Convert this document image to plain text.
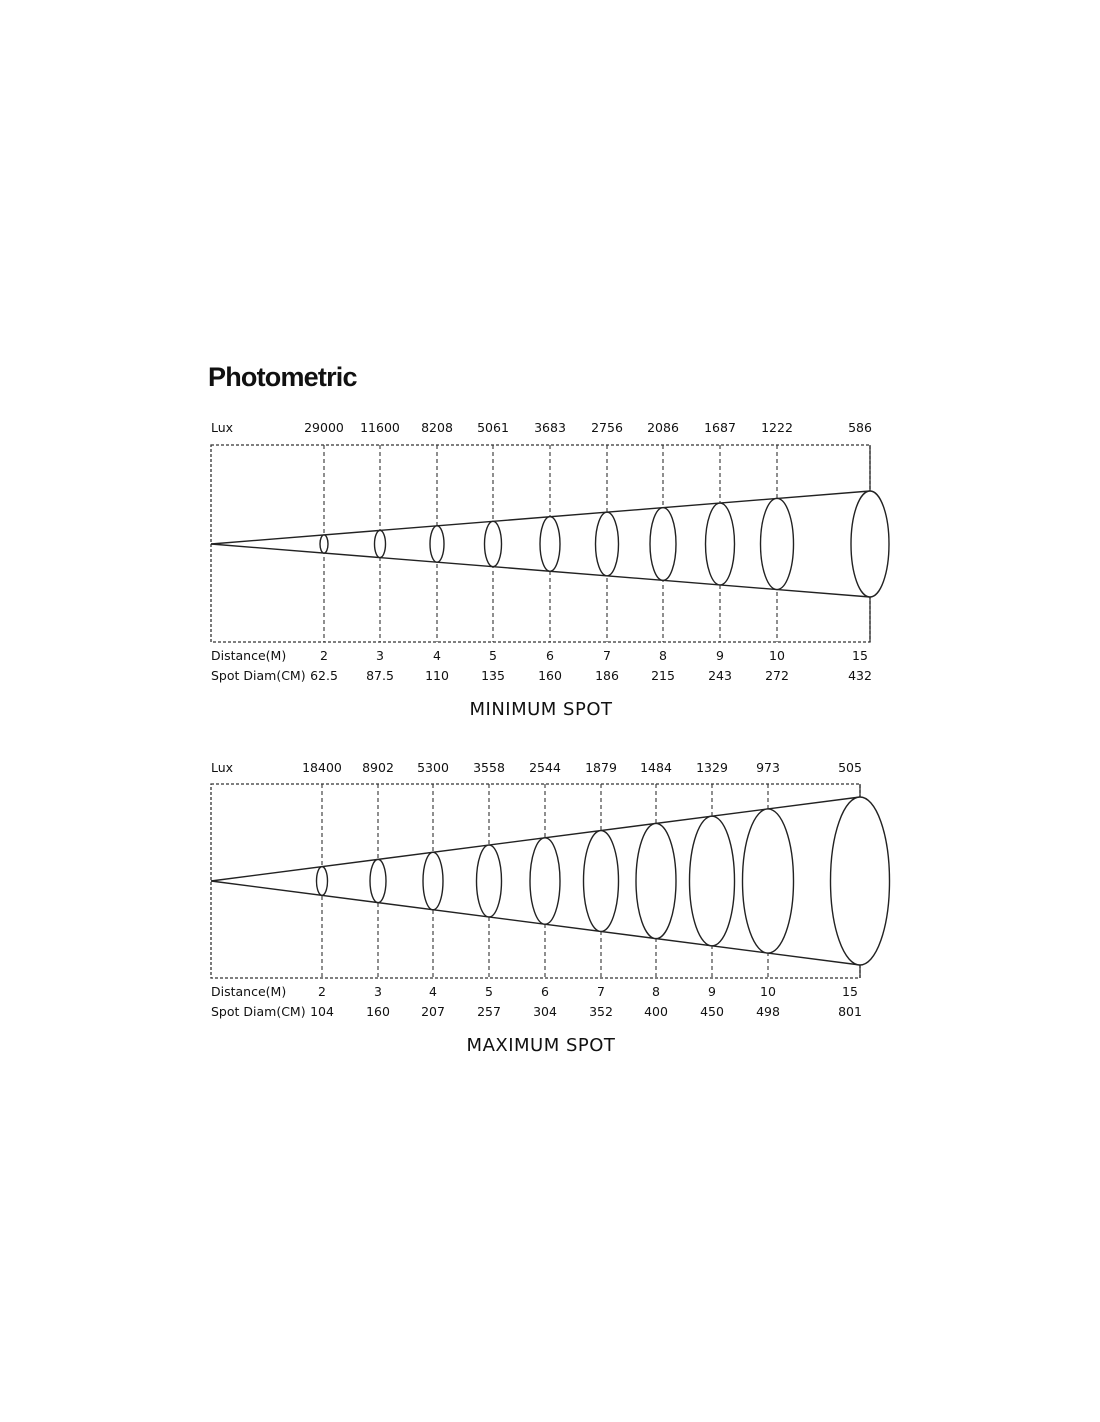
Photometric
29000
2
62.5
11600
3
87.5
8208
4
110
5061
5
135
3683
6
160
2756
7
186
2086
8
215
1687
9
243
1222
10
272
586
15
432
Lux
Distance(M)
Spot Diam(CM)
MINIMUM SPOT
18400
2
104
8902
3
160
5300
4
207
3558
5
257
2544
6
304
1879
7
352
1484
8
400
1329
9
450
973
10
498
505
15
801
Lux
Distance(M)
Spot Diam(CM)
MAXIMUM SPOT
